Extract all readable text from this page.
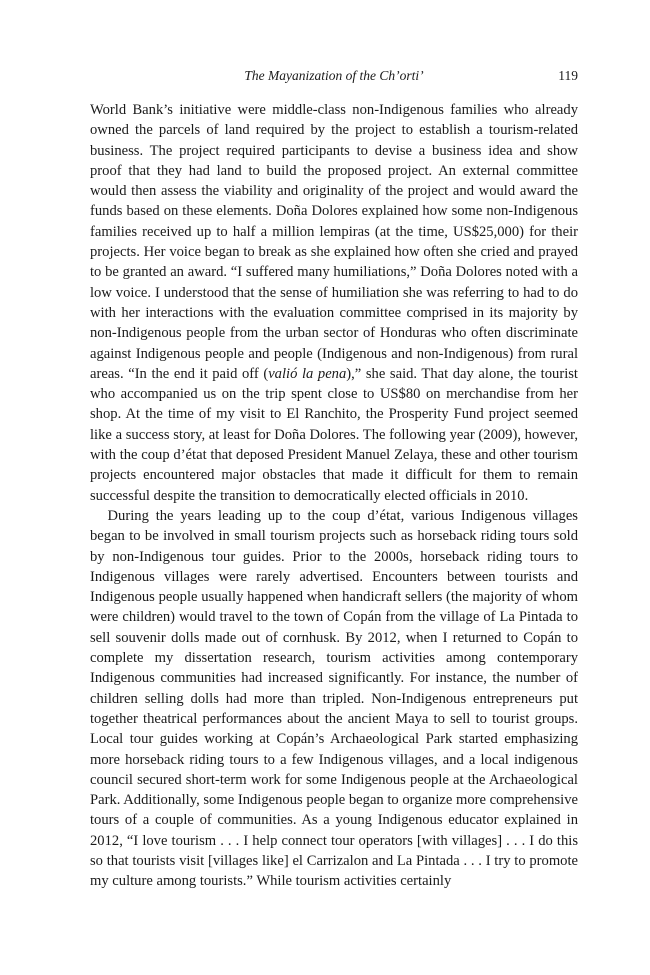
The Mayanization of the Ch’orti’	119

World Bank’s initiative were middle-class non-Indigenous families who already owned the parcels of land required by the project to establish a tourism-related business. The project required participants to devise a business idea and show proof that they had land to build the proposed project. An external committee would then assess the viability and originality of the project and would award the funds based on these elements. Doña Dolores explained how some non-Indigenous families received up to half a million lempiras (at the time, US$25,000) for their projects. Her voice began to break as she explained how often she cried and prayed to be granted an award. “I suffered many humiliations,” Doña Dolores noted with a low voice. I understood that the sense of humiliation she was referring to had to do with her interactions with the evaluation committee comprised in its majority by non-Indigenous people from the urban sector of Honduras who often discriminate against Indigenous people and people (Indigenous and non-Indigenous) from rural areas. “In the end it paid off (valió la pena),” she said. That day alone, the tourist who accompanied us on the trip spent close to US$80 on merchandise from her shop. At the time of my visit to El Ranchito, the Prosperity Fund project seemed like a success story, at least for Doña Dolores. The following year (2009), however, with the coup d’état that deposed President Manuel Zelaya, these and other tourism projects encountered major obstacles that made it difficult for them to remain successful despite the transition to democratically elected officials in 2010.

During the years leading up to the coup d’état, various Indigenous villages began to be involved in small tourism projects such as horseback riding tours sold by non-Indigenous tour guides. Prior to the 2000s, horseback riding tours to Indigenous villages were rarely advertised. Encounters between tourists and Indigenous people usually happened when handicraft sellers (the majority of whom were children) would travel to the town of Copán from the village of La Pintada to sell souvenir dolls made out of cornhusk. By 2012, when I returned to Copán to complete my dissertation research, tourism activities among contemporary Indigenous communities had increased significantly. For instance, the number of children selling dolls had more than tripled. Non-Indigenous entrepreneurs put together theatrical performances about the ancient Maya to sell to tourist groups. Local tour guides working at Copán’s Archaeological Park started emphasizing more horseback riding tours to a few Indigenous villages, and a local indigenous council secured short-term work for some Indigenous people at the Archaeological Park. Additionally, some Indigenous people began to organize more comprehensive tours of a couple of communities. As a young Indigenous educator explained in 2012, “I love tourism . . . I help connect tour operators [with villages] . . . I do this so that tourists visit [villages like] el Carrizalon and La Pintada . . . I try to promote my culture among tourists.” While tourism activities certainly
